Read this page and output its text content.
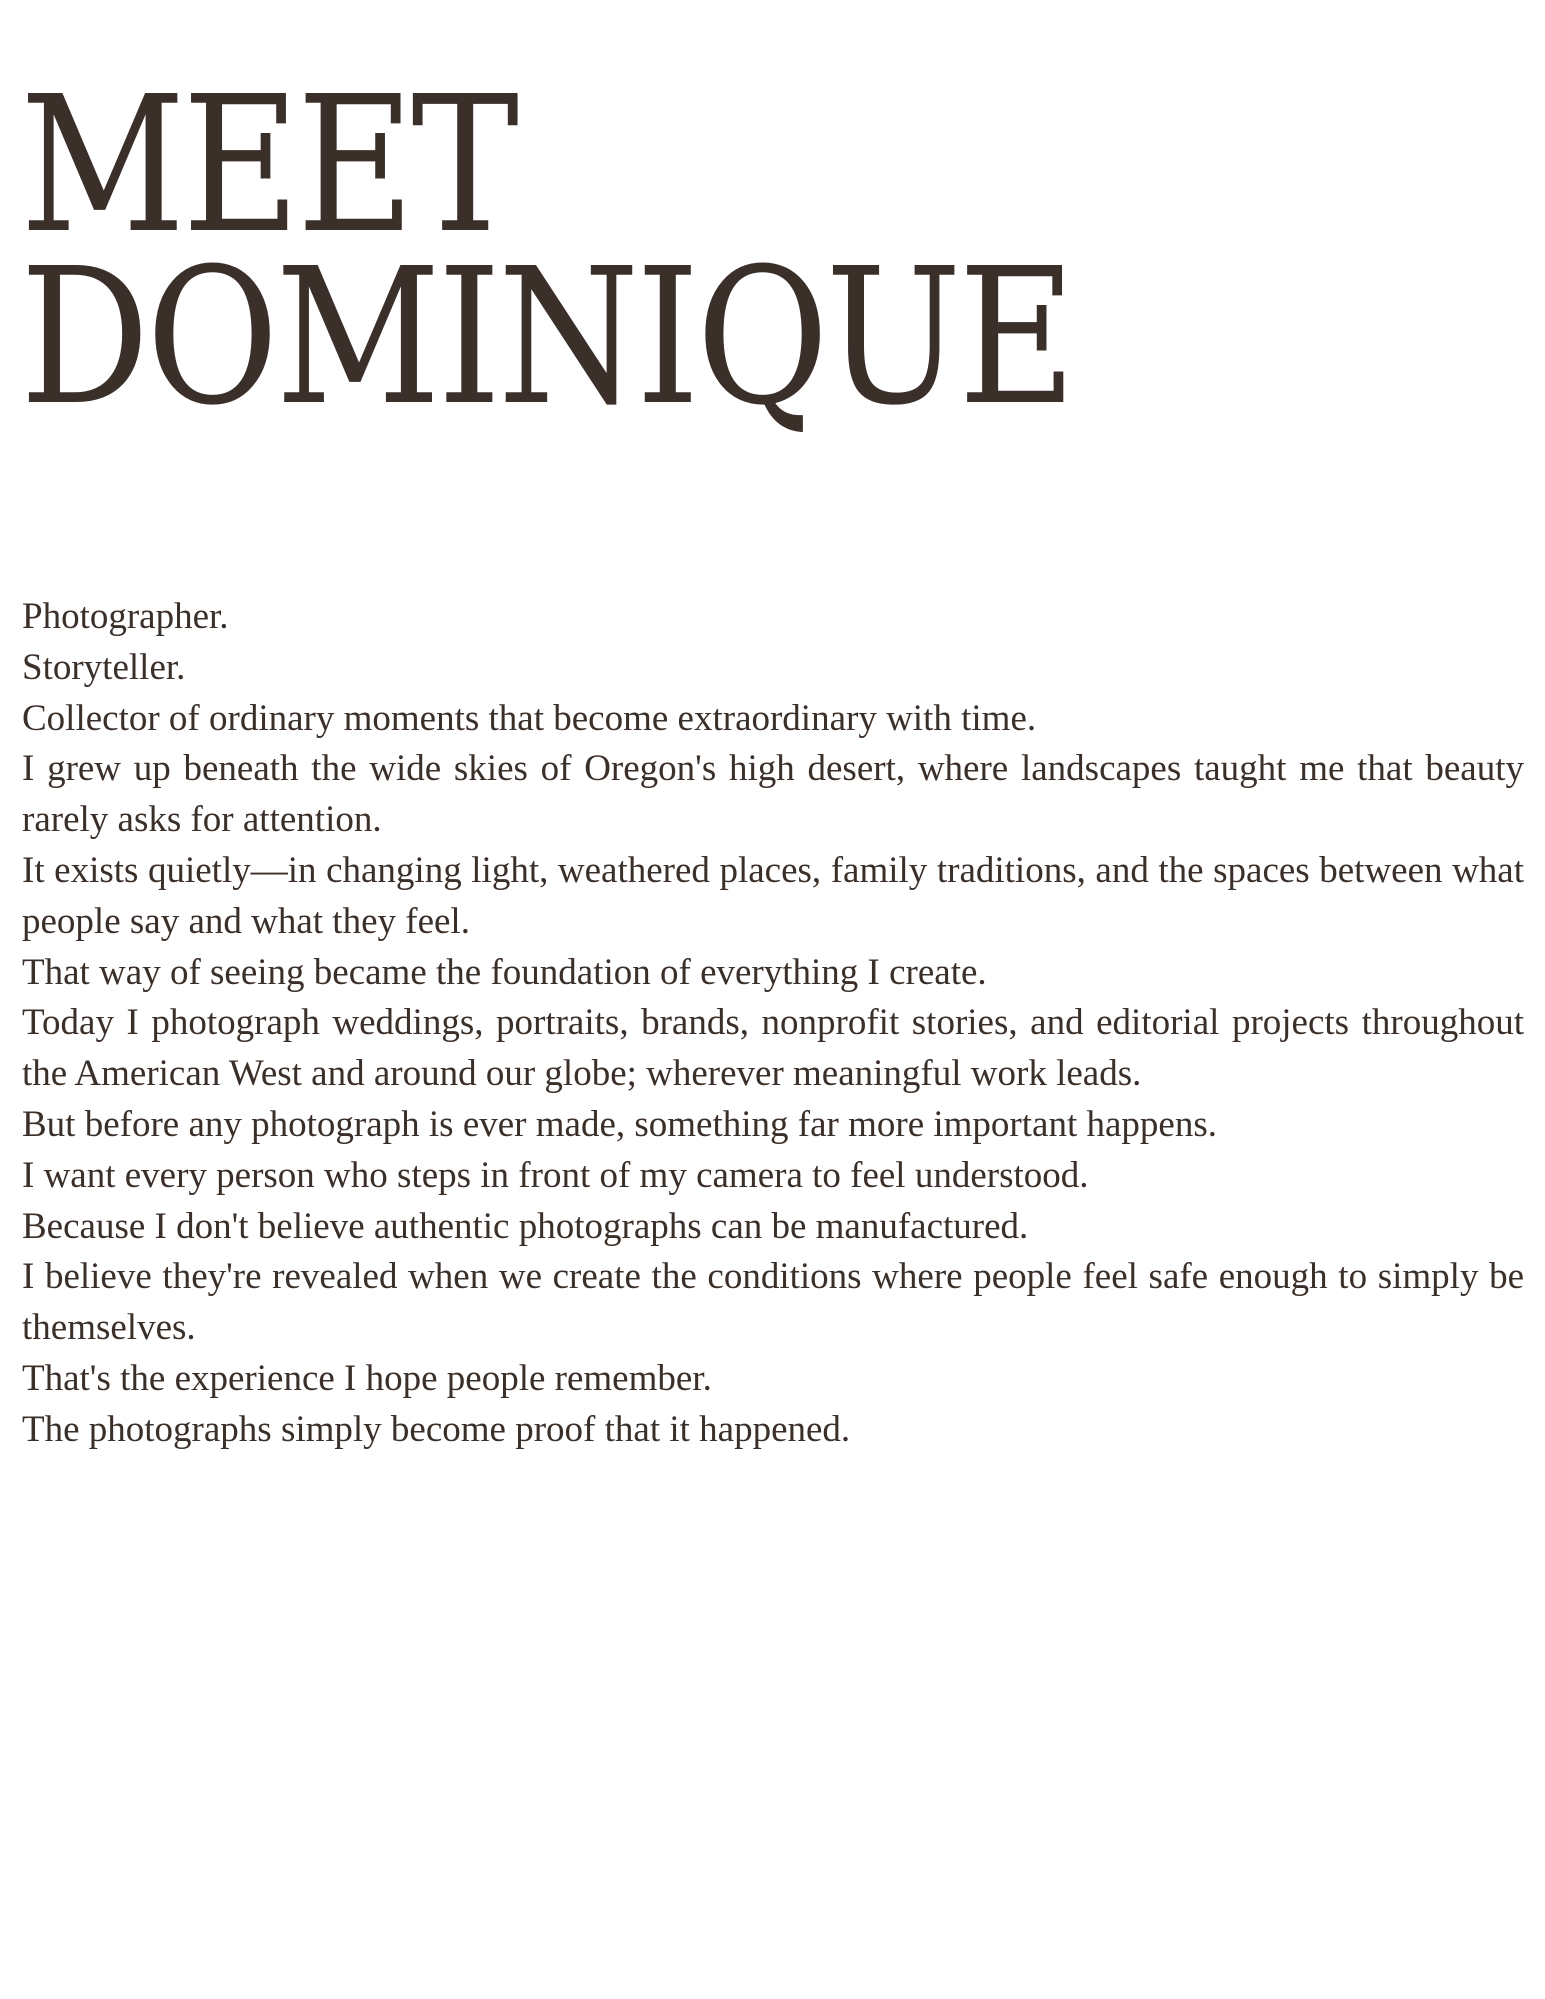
MEET
DOMINIQUE

Photographer.

Storyteller.

Collector of ordinary moments that become extraordinary with time.

I grew up beneath the wide skies of Oregon's high desert, where landscapes taught me that beauty rarely asks for attention.

It exists quietly—in changing light, weathered places, family traditions, and the spaces between what people say and what they feel.

That way of seeing became the foundation of everything I create.

Today I photograph weddings, portraits, brands, nonprofit stories, and editorial projects throughout the American West and around our globe; wherever meaningful work leads.

But before any photograph is ever made, something far more important happens.

I want every person who steps in front of my camera to feel understood.

Because I don't believe authentic photographs can be manufactured.

I believe they're revealed when we create the conditions where people feel safe enough to simply be themselves.

That's the experience I hope people remember.

The photographs simply become proof that it happened.
